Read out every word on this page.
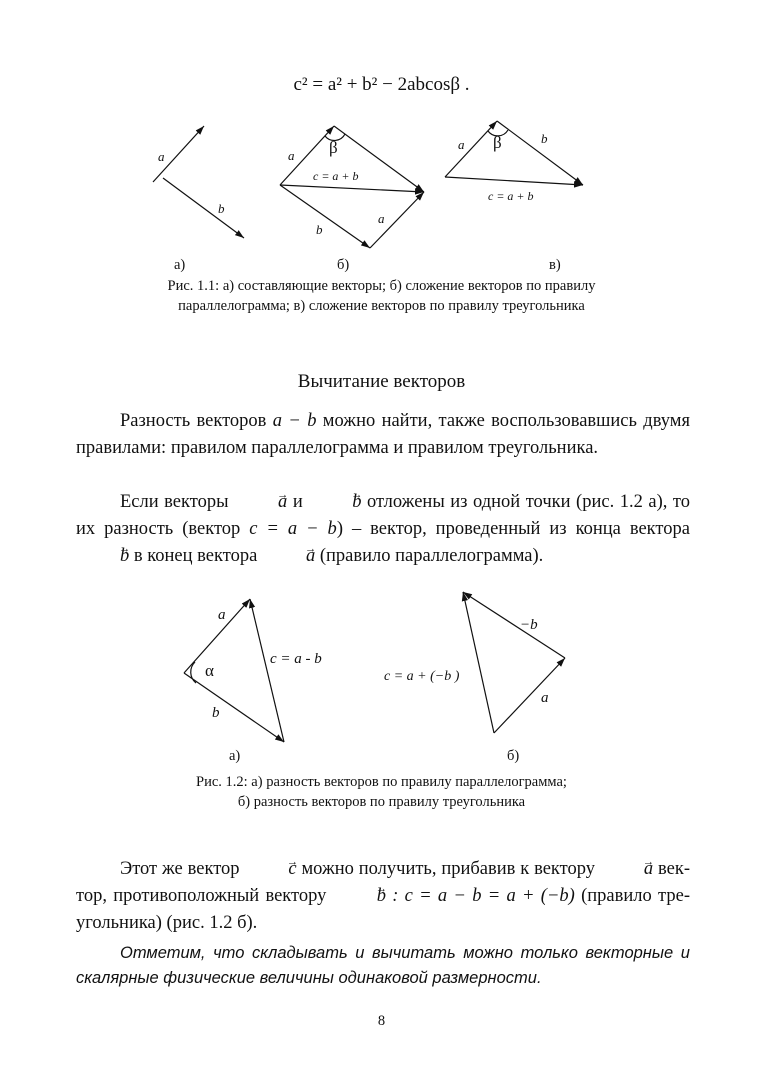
c² = a² + b² − 2abcosβ .
a
b
a
b
a
c = a + b
a	b
c = a + b
β	β
а)	б)	в)
Рис. 1.1: а) составляющие векторы; б) сложение векторов по правилу
параллелограмма; в) сложение векторов по правилу треугольника
Вычитание векторов
Разность векторов a − b можно найти, также воспользовавшись двумя правилами: правилом параллелограмма и правилом треугольника.
Если векторы → a и → b отложены из одной точки (рис. 1.2 а), то их разность (вектор c = a − b) – вектор, проведенный из конца вектора → b в конец вектора → a (правило параллелограмма).
a
b
c = a - b
−b
a
c = a + (−b )
α
а)	б)
Рис. 1.2: а) разность векторов по правилу параллелограмма;
б) разность векторов по правилу треугольника
Этот же вектор → c можно получить, прибавив к вектору → a вектор, противоположный вектору → b : c = a − b = a + (−b) (правило треугольника) (рис. 1.2 б).
Отметим, что складывать и вычитать можно только векторные и скалярные физические величины одинаковой размерности.
8
